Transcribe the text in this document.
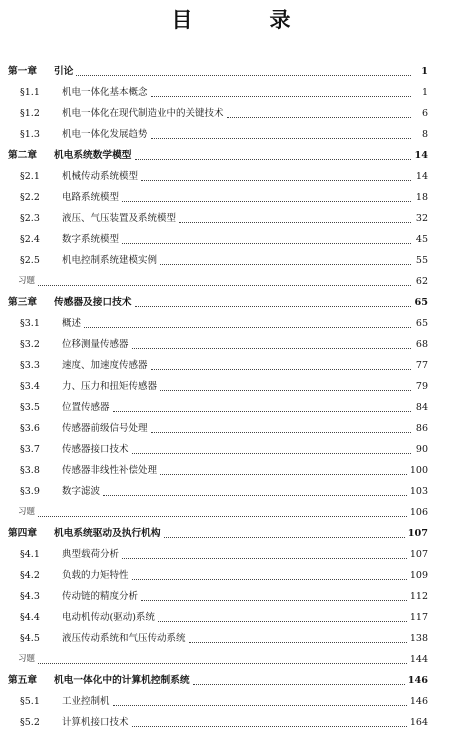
目　录
第一章	引论	1
§1.1	机电一体化基本概念	1
§1.2	机电一体化在现代制造业中的关键技术	6
§1.3	机电一体化发展趋势	8
第二章	机电系统数学模型	14
§2.1	机械传动系统模型	14
§2.2	电路系统模型	18
§2.3	液压、气压装置及系统模型	32
§2.4	数字系统模型	45
§2.5	机电控制系统建模实例	55
习题	62
第三章	传感器及接口技术	65
§3.1	概述	65
§3.2	位移测量传感器	68
§3.3	速度、加速度传感器	77
§3.4	力、压力和扭矩传感器	79
§3.5	位置传感器	84
§3.6	传感器前级信号处理	86
§3.7	传感器接口技术	90
§3.8	传感器非线性补偿处理	100
§3.9	数字滤波	103
习题	106
第四章	机电系统驱动及执行机构	107
§4.1	典型载荷分析	107
§4.2	负载的力矩特性	109
§4.3	传动链的精度分析	112
§4.4	电动机传动(驱动)系统	117
§4.5	液压传动系统和气压传动系统	138
习题	144
第五章	机电一体化中的计算机控制系统	146
§5.1	工业控制机	146
§5.2	计算机接口技术	164
